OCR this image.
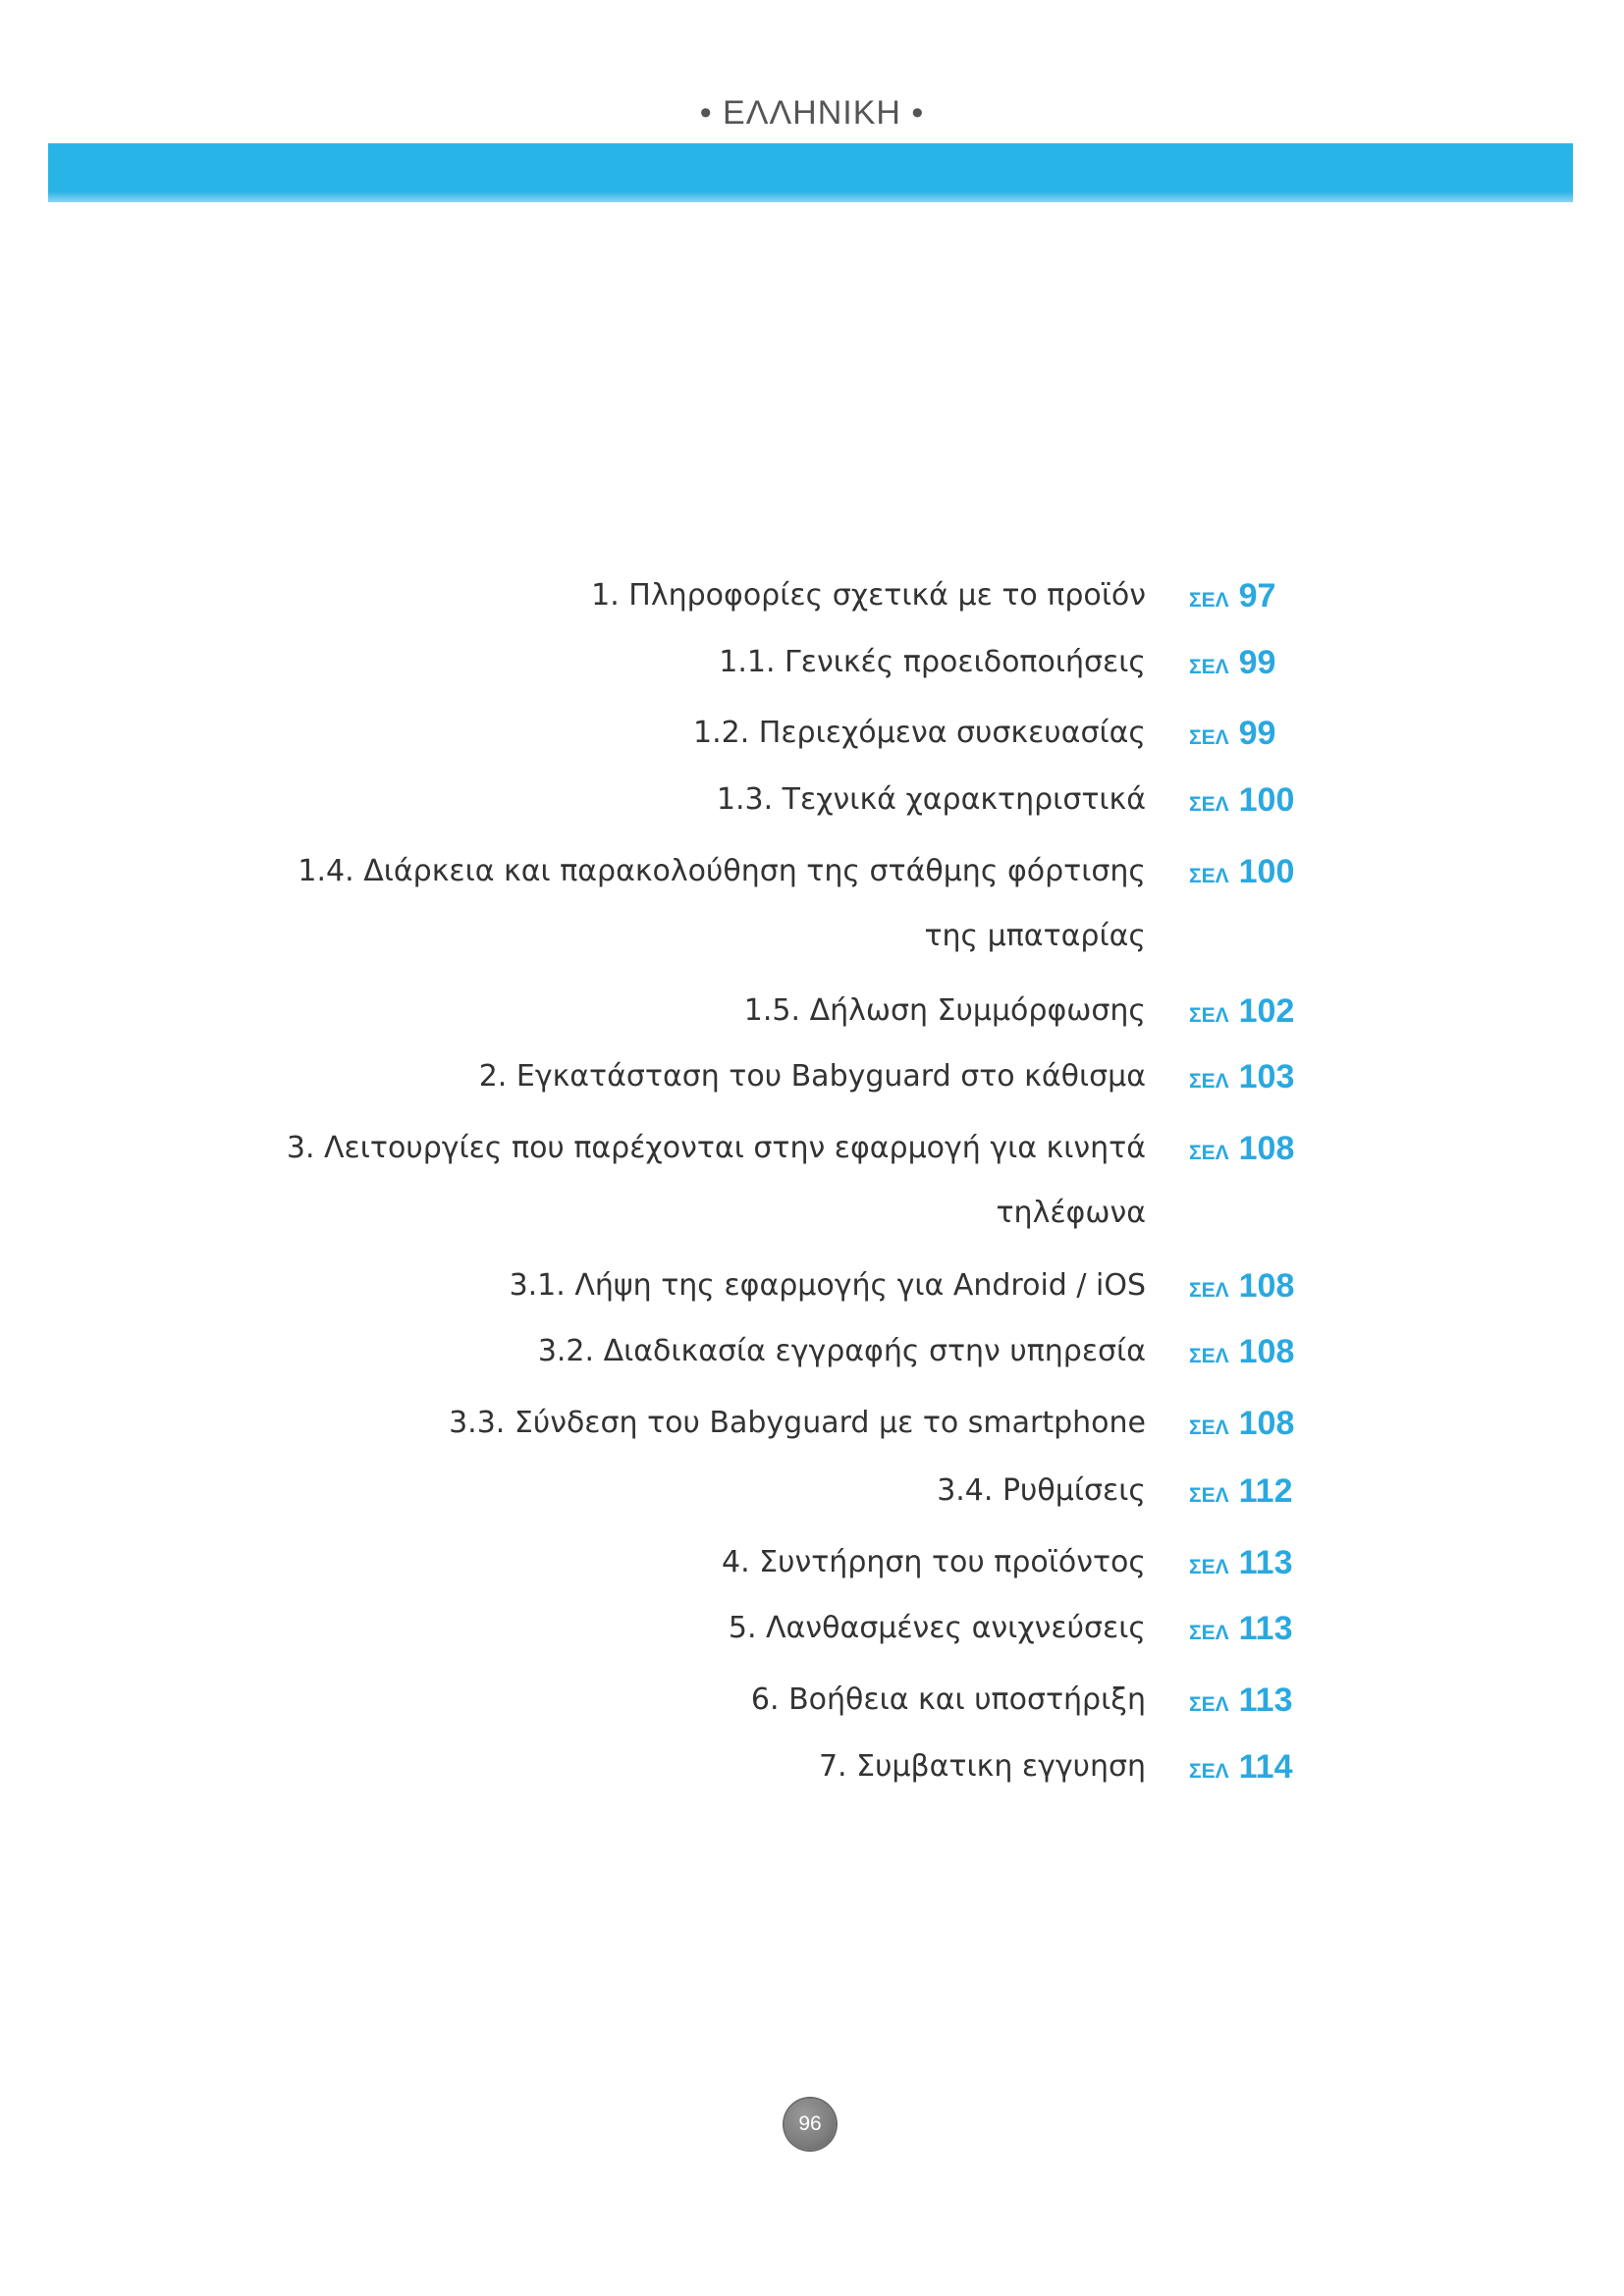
• ΕΛΛΗΝΙΚΗ •
1. Πληροφορίες σχετικά με το προϊόν ΣΕΛ 97
1.1. Γενικές προειδοποιήσεις ΣΕΛ 99
1.2. Περιεχόμενα συσκευασίας ΣΕΛ 99
1.3. Τεχνικά χαρακτηριστικά ΣΕΛ 100
1.4. Διάρκεια και παρακολούθηση της στάθμης φόρτισης ΣΕΛ 100
της μπαταρίας
1.5. Δήλωση Συμμόρφωσης ΣΕΛ 102
2. Εγκατάσταση του Babyguard στο κάθισμα ΣΕΛ 103
3. Λειτουργίες που παρέχονται στην εφαρμογή για κινητά ΣΕΛ 108
τηλέφωνα
3.1. Λήψη της εφαρμογής για Android / iOS ΣΕΛ 108
3.2. Διαδικασία εγγραφής στην υπηρεσία ΣΕΛ 108
3.3. Σύνδεση του Babyguard με το smartphone ΣΕΛ 108
3.4. Ρυθμίσεις ΣΕΛ 112
4. Συντήρηση του προϊόντος ΣΕΛ 113
5. Λανθασμένες ανιχνεύσεις ΣΕΛ 113
6. Βοήθεια και υποστήριξη ΣΕΛ 113
7. Συμβατικη εγγυηση ΣΕΛ 114
96
